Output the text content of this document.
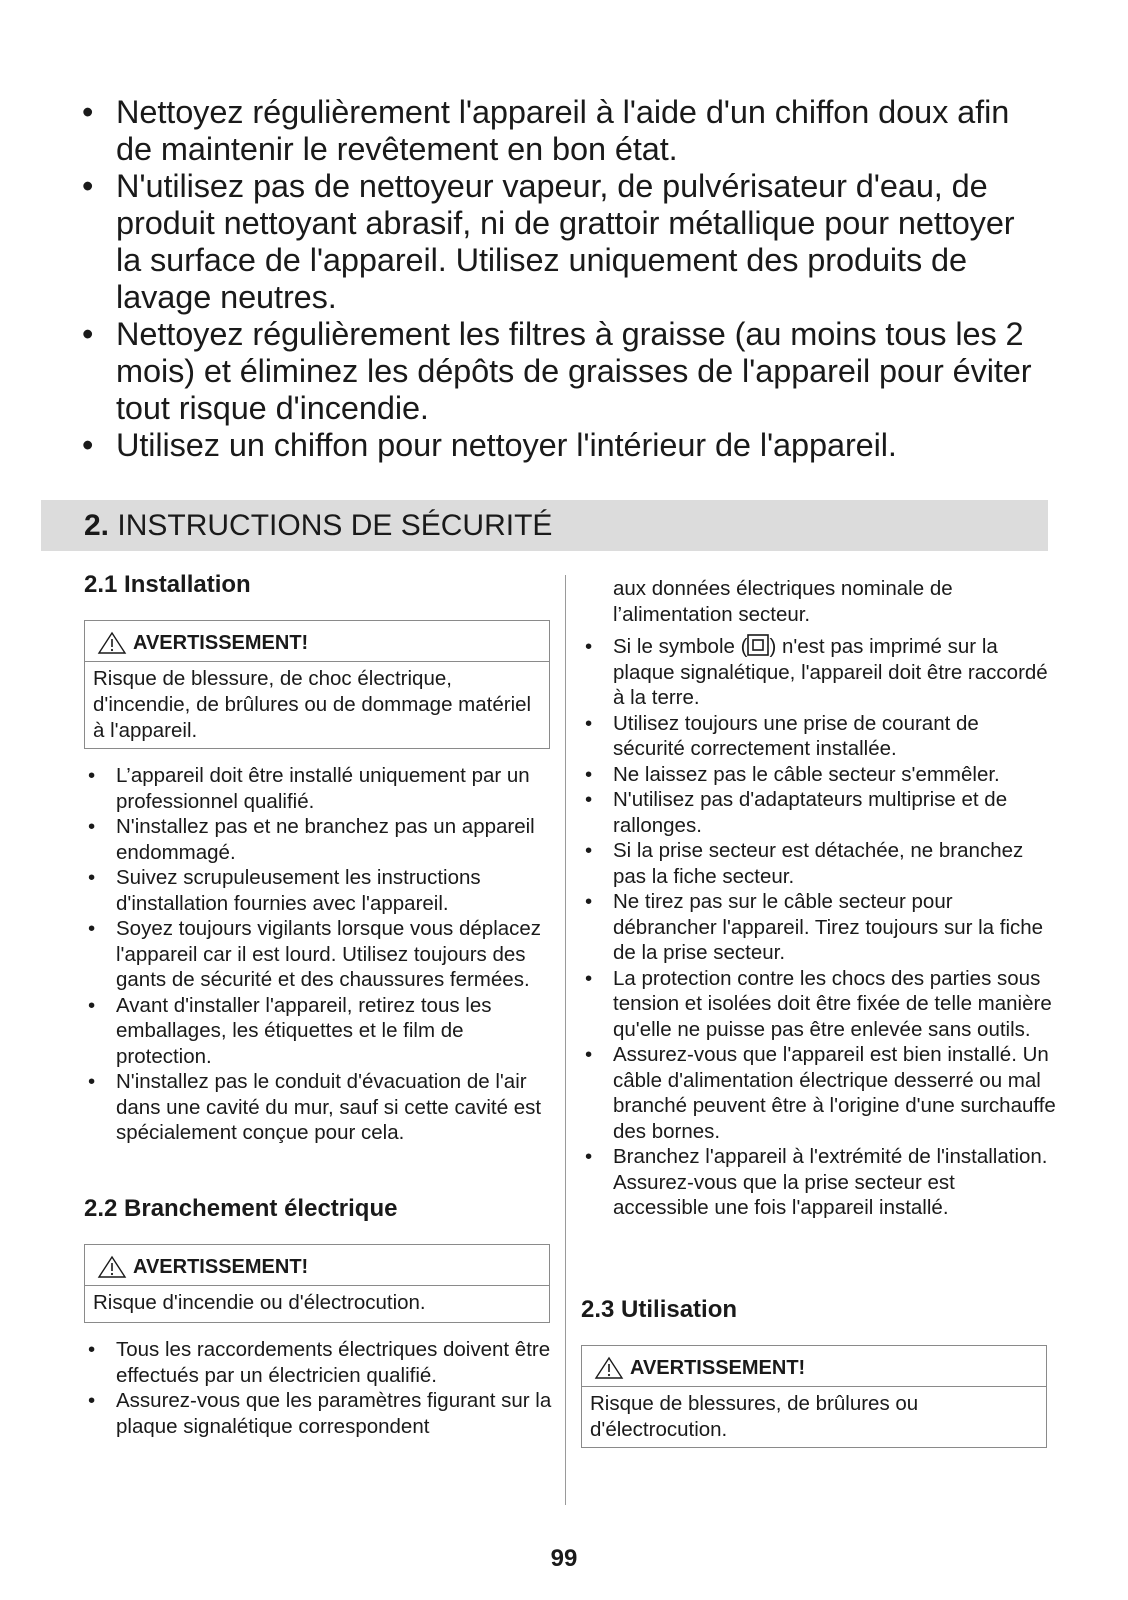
• Nettoyez régulièrement l'appareil à l'aide d'un chiffon doux afin de maintenir le revêtement en bon état.
• N'utilisez pas de nettoyeur vapeur, de pulvérisateur d'eau, de produit nettoyant abrasif, ni de grattoir métallique pour nettoyer la surface de l'appareil. Utilisez uniquement des produits de lavage neutres.
• Nettoyez régulièrement les filtres à graisse (au moins tous les 2 mois) et éliminez les dépôts de graisses de l'appareil pour éviter tout risque d'incendie.
• Utilisez un chiffon pour nettoyer l'intérieur de l'appareil.
2. INSTRUCTIONS DE SÉCURITÉ
2.1 Installation
AVERTISSEMENT!
Risque de blessure, de choc électrique, d'incendie, de brûlures ou de dommage matériel à l'appareil.
• L’appareil doit être installé uniquement par un professionnel qualifié.
• N'installez pas et ne branchez pas un appareil endommagé.
• Suivez scrupuleusement les instructions d'installation fournies avec l'appareil.
• Soyez toujours vigilants lorsque vous déplacez l'appareil car il est lourd. Utilisez toujours des gants de sécurité et des chaussures fermées.
• Avant d'installer l'appareil, retirez tous les emballages, les étiquettes et le film de protection.
• N'installez pas le conduit d'évacuation de l'air dans une cavité du mur, sauf si cette cavité est spécialement conçue pour cela.
2.2 Branchement électrique
AVERTISSEMENT!
Risque d'incendie ou d'électrocution.
• Tous les raccordements électriques doivent être effectués par un électricien qualifié.
• Assurez-vous que les paramètres figurant sur la plaque signalétique correspondent
aux données électriques nominale de l’alimentation secteur.
• Si le symbole ( ) n'est pas imprimé sur la plaque signalétique, l'appareil doit être raccordé à la terre.
• Utilisez toujours une prise de courant de sécurité correctement installée.
• Ne laissez pas le câble secteur s'emmêler.
• N'utilisez pas d'adaptateurs multiprise et de rallonges.
• Si la prise secteur est détachée, ne branchez pas la fiche secteur.
• Ne tirez pas sur le câble secteur pour débrancher l'appareil. Tirez toujours sur la fiche de la prise secteur.
• La protection contre les chocs des parties sous tension et isolées doit être fixée de telle manière qu'elle ne puisse pas être enlevée sans outils.
• Assurez-vous que l'appareil est bien installé. Un câble d'alimentation électrique desserré ou mal branché peuvent être à l'origine d'une surchauffe des bornes.
• Branchez l'appareil à l'extrémité de l'installation. Assurez-vous que la prise secteur est accessible une fois l'appareil installé.
2.3 Utilisation
AVERTISSEMENT!
Risque de blessures, de brûlures ou d'électrocution.
99
